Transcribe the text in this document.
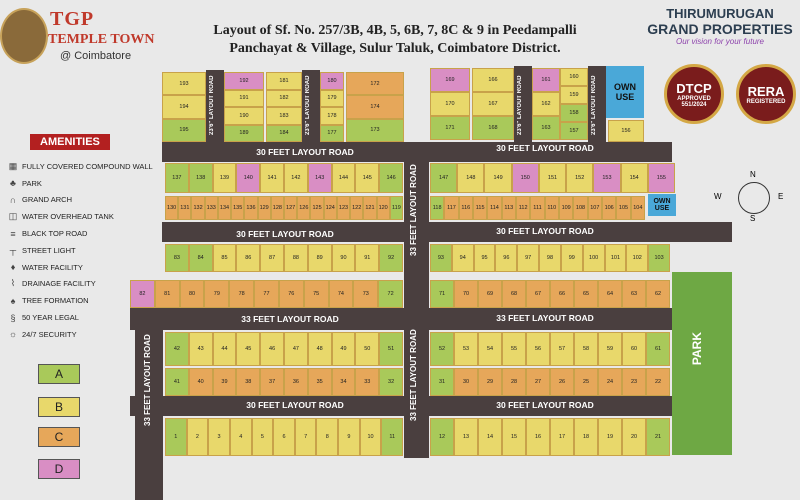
TGP
TEMPLE TOWN
@ Coimbatore
Layout of Sf. No. 257/3B, 4B, 5, 6B, 7, 8C & 9 in Peedampalli
Panchayat & Village, Sulur Taluk, Coimbatore District.
THIRUMURUGAN
GRAND PROPERTIES
Our vision for your future
DTCP
APPROVED
551/2024
RERA
REGISTERED
AMENITIES
▦ FULLY COVERED COMPOUND WALL
♣ PARK
∩ GRAND ARCH
◫ WATER OVERHEAD TANK
≡ BLACK TOP ROAD
┬ STREET LIGHT
♦ WATER FACILITY
⌇ DRAINAGE FACILITY
♠ TREE FORMATION
§ 50 YEAR LEGAL
☼ 24/7 SECURITY
A
B
C
D
137	138	139	140	141	142	143	144	145	146	147	148	149	150	151	152	153	154	155
130 131 132 133 134 135 136 129 128 127 126 125 124 123 122 121 120 119	118	117	116	115	114	113	112	111	110 109 108 107 106 105 104
83	84	85	86	87	88	89	90	91	92	93	94	95	96	97	98	99	100	101	102	103
82	81	80	79	78	77	76	75	74	73	72	71	70	69	68	67	66	65	64	63	62
42	43	44	45	46	47	48	49	50	51	52	53	54	55	56	57	58	59	60	61
41	40	39	38	37	36	35	34	33	32	31	30	29	28	27	26	25	24	23	22
1	2	3	4	5	6	7	8	9	10	11	12	13	14	15	16	17	18	19	20	21
193
194
195
192
191
190
189
181
182
183
184
180
179
178
177
172
174
173
169
170
171
166
167
168
161
162
163
160
159
158
157	156
30 FEET LAYOUT ROAD	30 FEET LAYOUT ROAD
30 FEET LAYOUT ROAD	30 FEET LAYOUT ROAD
33 FEET LAYOUT ROAD	33 FEET LAYOUT ROAD
30 FEET LAYOUT ROAD	30 FEET LAYOUT ROAD
33 FEET LAYOUT ROAD
33 FEET LAYOUT ROAD
33 FEET LAYOUT ROAD
23'6" LAYOUT ROAD	23'6" LAYOUT ROAD	23'6" LAYOUT ROAD	23'6" LAYOUT ROAD	OWN USE
OWN USE
PARK
N
S
W	E
